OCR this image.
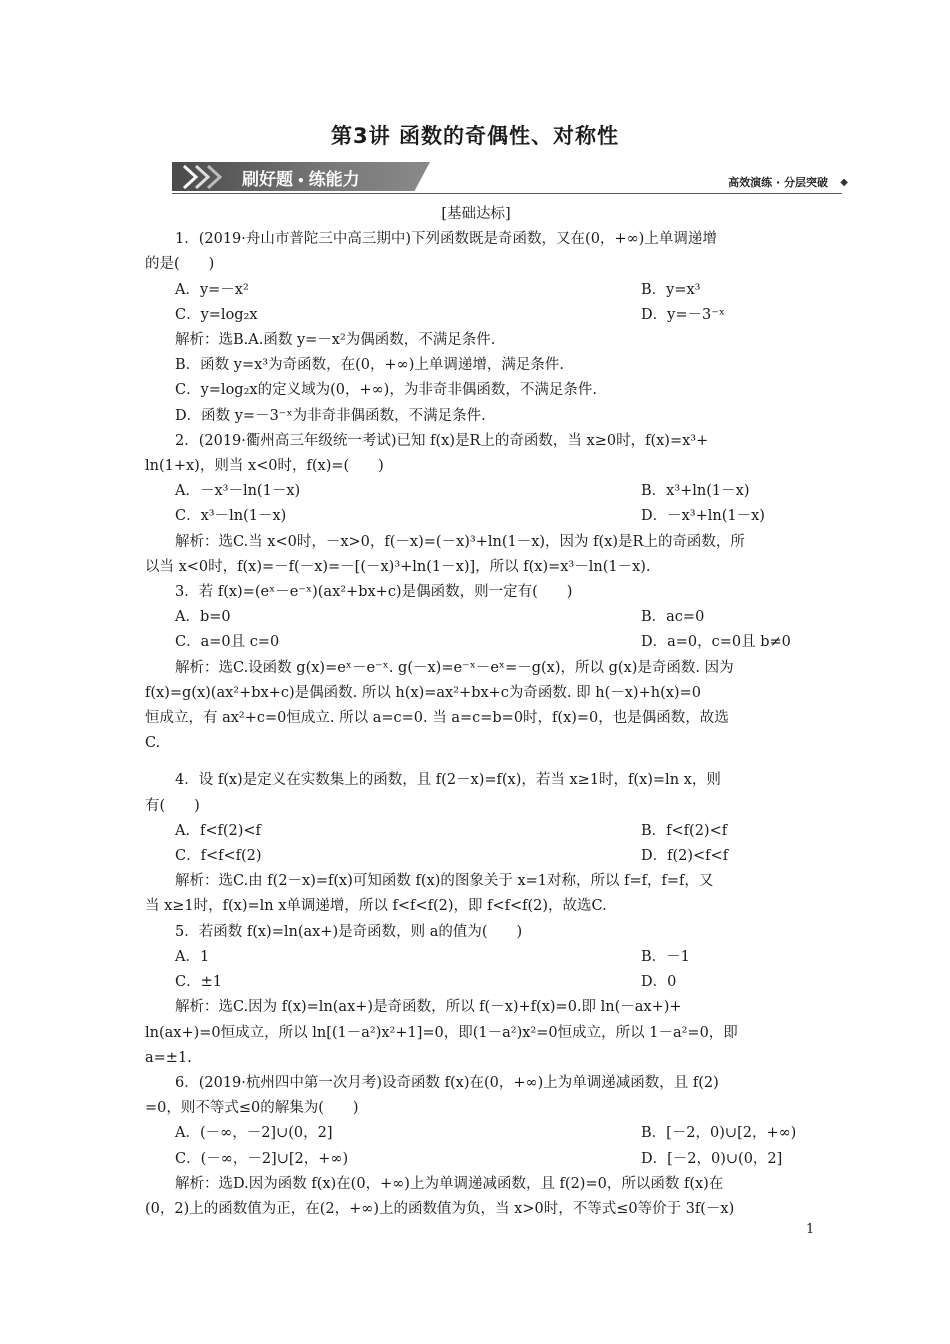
第3讲 函数的奇偶性、对称性
刷好题 • 练能力	高效演练 · 分层突破 ◆

[基础达标]

1．(2019·舟山市普陀三中高三期中)下列函数既是奇函数，又在(0，+∞)上单调递增

的是(　　)

A．y=－x²	B．y=x³
C．y=log₂x	D．y=－3⁻ˣ

解析：选B.A.函数 y=－x²为偶函数，不满足条件.

B．函数 y=x³为奇函数，在(0，+∞)上单调递增，满足条件.

C．y=log₂x的定义域为(0，+∞)，为非奇非偶函数，不满足条件.

D．函数 y=－3⁻ˣ为非奇非偶函数，不满足条件.

2．(2019·衢州高三年级统一考试)已知 f(x)是R上的奇函数，当 x≥0时，f(x)=x³+

ln(1+x)，则当 x<0时，f(x)=(　　)

A．－x³－ln(1－x)	B．x³+ln(1－x)
C．x³－ln(1－x)	D．－x³+ln(1－x)

解析：选C.当 x<0时，－x>0，f(－x)=(－x)³+ln(1－x)，因为 f(x)是R上的奇函数，所

以当 x<0时，f(x)=－f(－x)=－[(－x)³+ln(1－x)]，所以 f(x)=x³－ln(1－x).

3．若 f(x)=(eˣ－e⁻ˣ)(ax²+bx+c)是偶函数，则一定有(　　)

A．b=0	B．ac=0
C．a=0且 c=0	D．a=0，c=0且 b≠0

解析：选C.设函数 g(x)=eˣ－e⁻ˣ. g(－x)=e⁻ˣ－eˣ=－g(x)，所以 g(x)是奇函数. 因为

f(x)=g(x)(ax²+bx+c)是偶函数. 所以 h(x)=ax²+bx+c为奇函数. 即 h(－x)+h(x)=0

恒成立，有 ax²+c=0恒成立. 所以 a=c=0. 当 a=c=b=0时，f(x)=0，也是偶函数，故选

C.

4．设 f(x)是定义在实数集上的函数，且 f(2－x)=f(x)，若当 x≥1时，f(x)=ln x，则

有(　　)

A．f<f(2)<f	B．f<f(2)<f
C．f<f<f(2)	D．f(2)<f<f

解析：选C.由 f(2－x)=f(x)可知函数 f(x)的图象关于 x=1对称，所以 f=f，f=f，又

当 x≥1时，f(x)=ln x单调递增，所以 f<f<f(2)，即 f<f<f(2)，故选C.

5．若函数 f(x)=ln(ax+)是奇函数，则 a的值为(　　)

A．1	B．－1
C．±1	D．0

解析：选C.因为 f(x)=ln(ax+)是奇函数，所以 f(－x)+f(x)=0.即 ln(－ax+)+

ln(ax+)=0恒成立，所以 ln[(1－a²)x²+1]=0，即(1－a²)x²=0恒成立，所以 1－a²=0，即

a=±1.

6．(2019·杭州四中第一次月考)设奇函数 f(x)在(0，+∞)上为单调递减函数，且 f(2)

=0，则不等式≤0的解集为(　　)

A．(－∞，－2]∪(0，2]	B．[－2，0)∪[2，+∞)
C．(－∞，－2]∪[2，+∞)	D．[－2，0)∪(0，2]

解析：选D.因为函数 f(x)在(0，+∞)上为单调递减函数，且 f(2)=0，所以函数 f(x)在

(0，2)上的函数值为正，在(2，+∞)上的函数值为负，当 x>0时，不等式≤0等价于 3f(－x)

1
